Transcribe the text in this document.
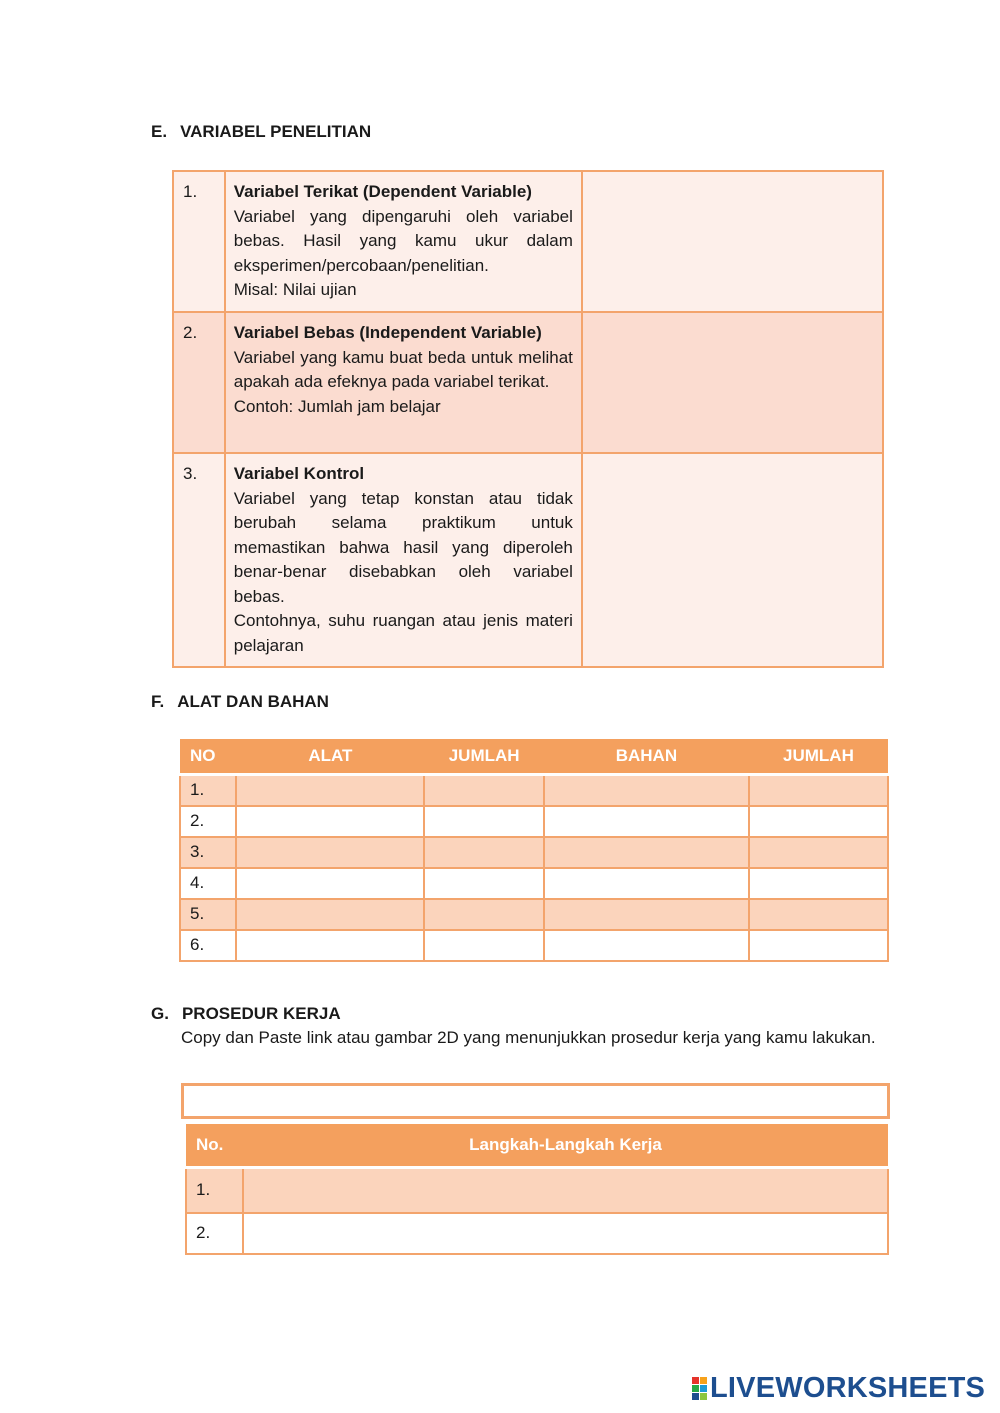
E. VARIABEL PENELITIAN
1.	Variabel Terikat (Dependent Variable)
Variabel yang dipengaruhi oleh variabel bebas. Hasil yang kamu ukur dalam eksperimen/percobaan/penelitian.
Misal: Nilai ujian

2.	Variabel Bebas (Independent Variable)
Variabel yang kamu buat beda untuk melihat apakah ada efeknya pada variabel terikat.
Contoh: Jumlah jam belajar

3.	Variabel Kontrol
Variabel yang tetap konstan atau tidak berubah selama praktikum untuk memastikan bahwa hasil yang diperoleh benar-benar disebabkan oleh variabel bebas.
Contohnya, suhu ruangan atau jenis materi pelajaran

F. ALAT DAN BAHAN
NO	ALAT	JUMLAH	BAHAN	JUMLAH
1.				
2.				
3.				
4.				
5.				
6.				
G. PROSEDUR KERJA

Copy dan Paste link atau gambar 2D yang menunjukkan prosedur kerja yang kamu lakukan.

No.	Langkah-Langkah Kerja
1.	
2.	
LIVEWORKSHEETS
